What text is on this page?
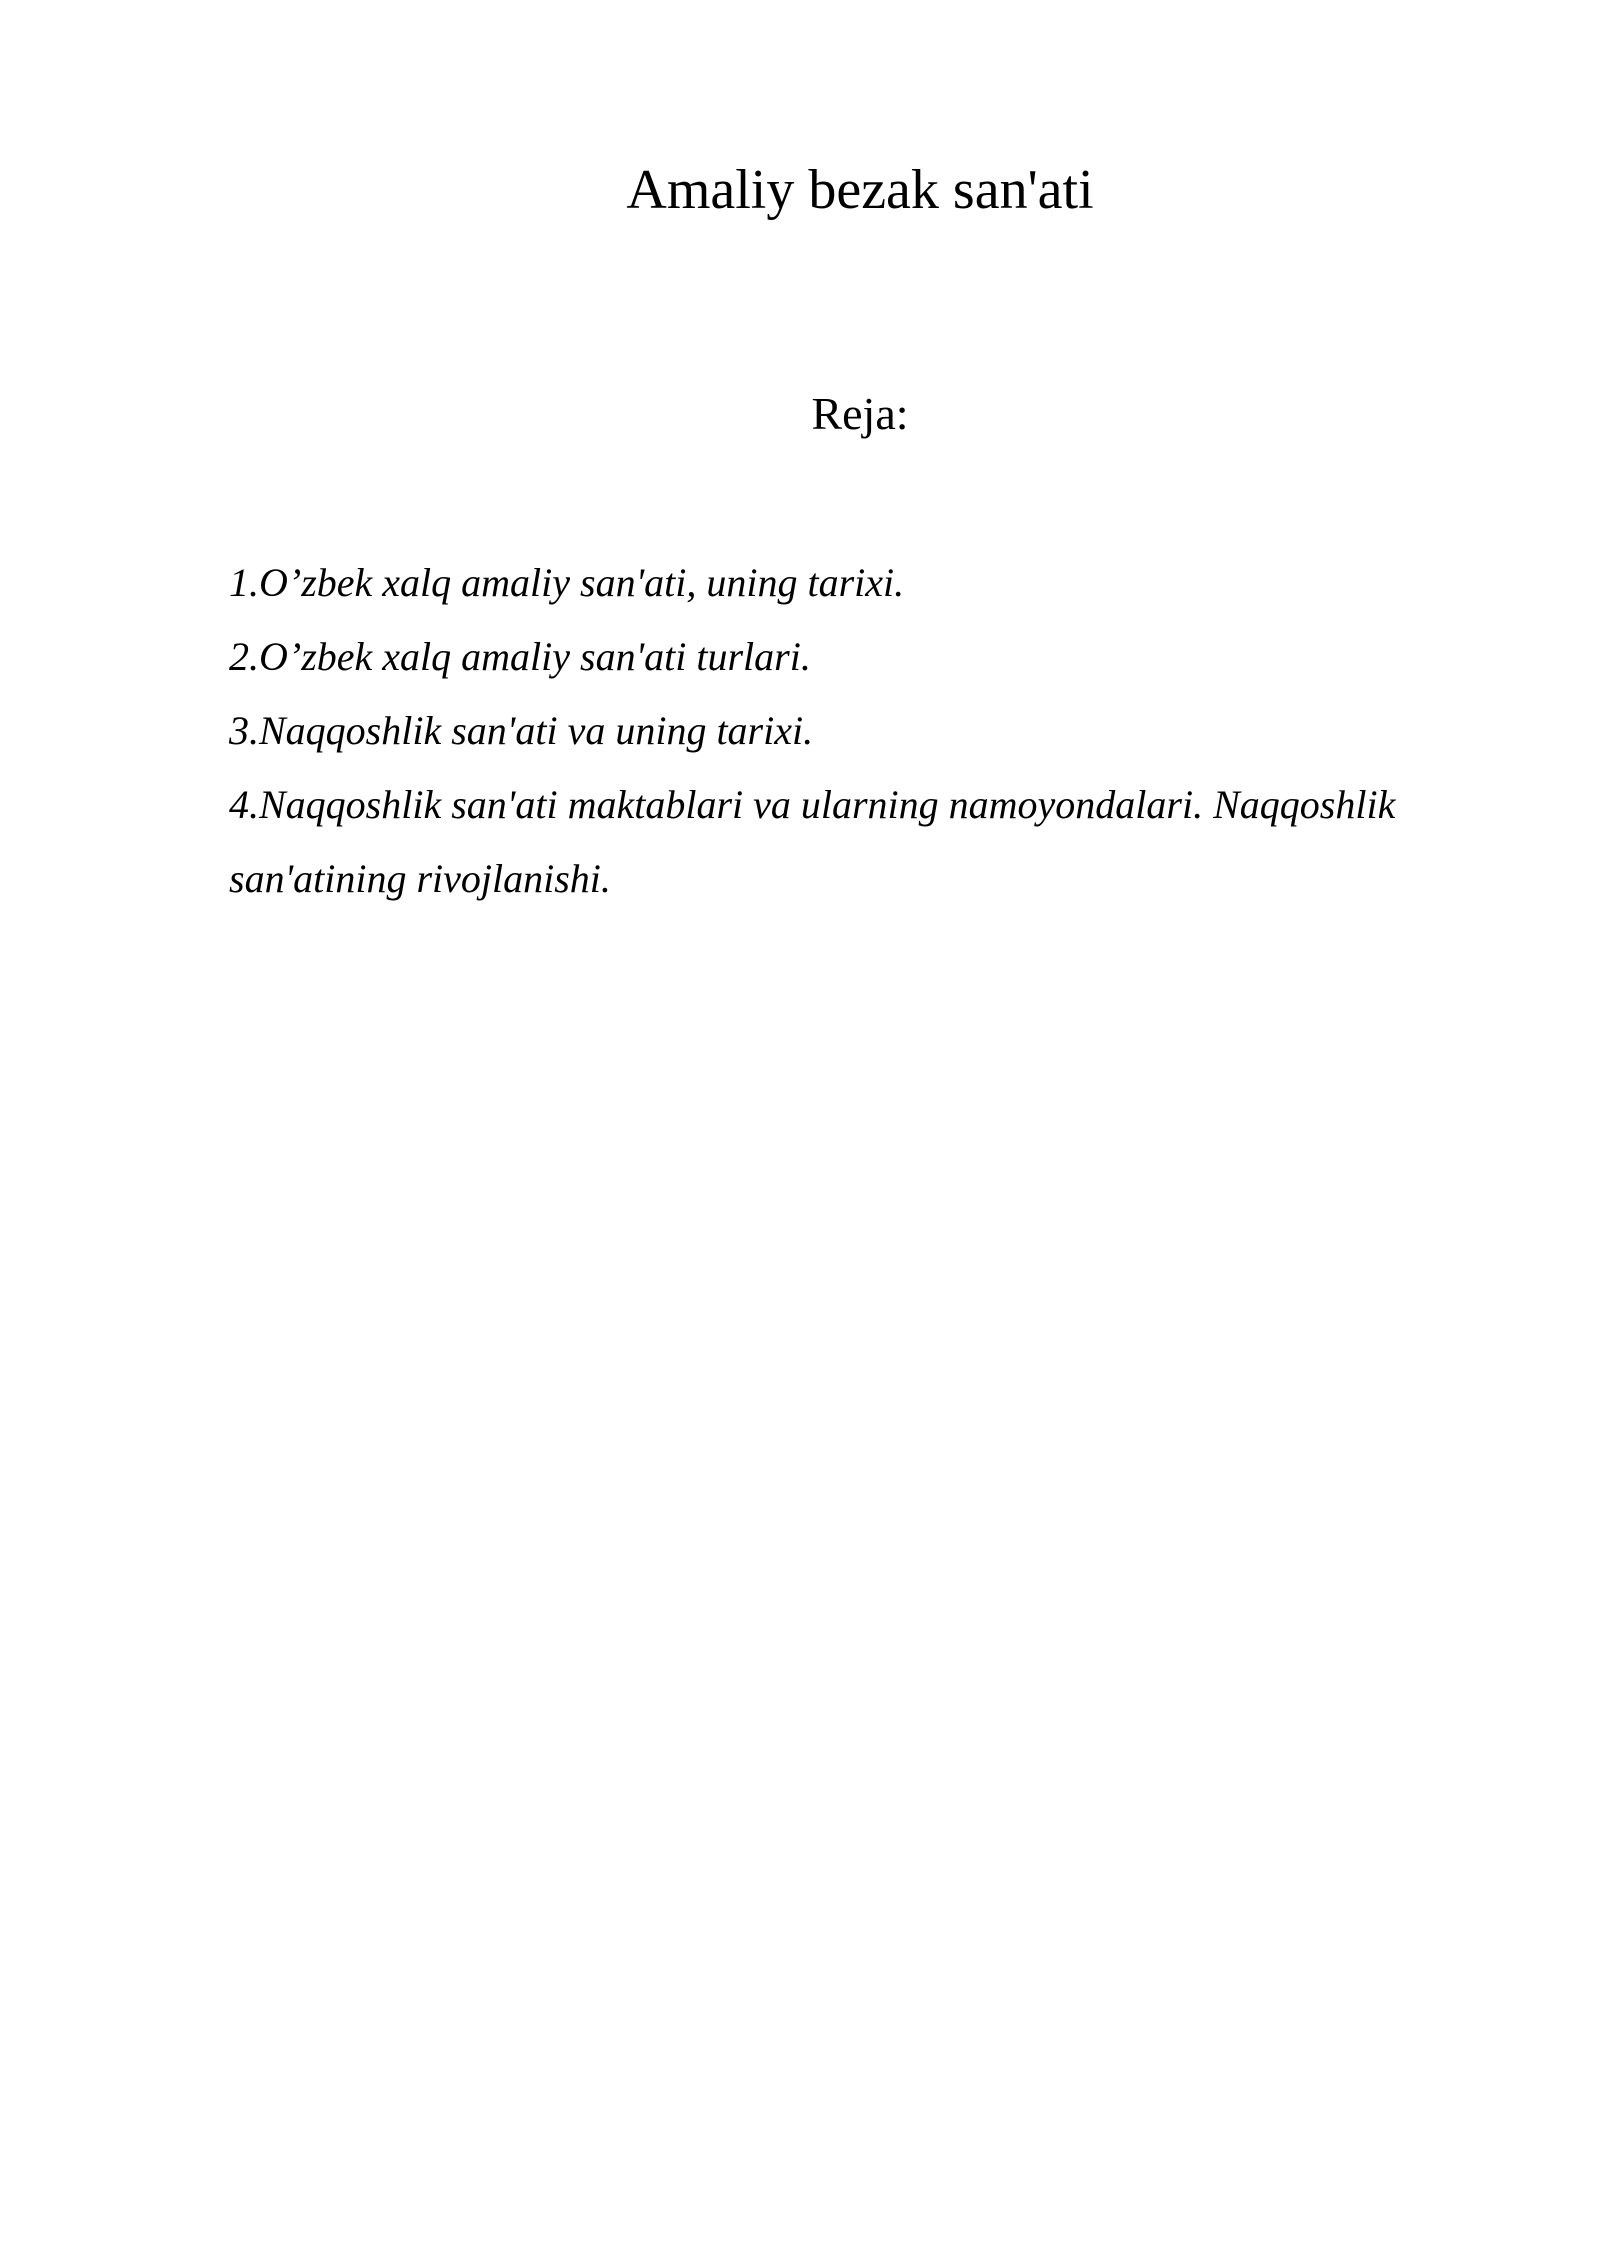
Amaliy bezak san'ati
Reja:
1.O’zbek xalq amaliy san'ati, uning tarixi.
2.O’zbek xalq amaliy san'ati turlari.
3.Naqqoshlik san'ati va uning tarixi.
4.Naqqoshlik san'ati maktablari va ularning namoyondalari. Naqqoshlik san'atining rivojlanishi.
